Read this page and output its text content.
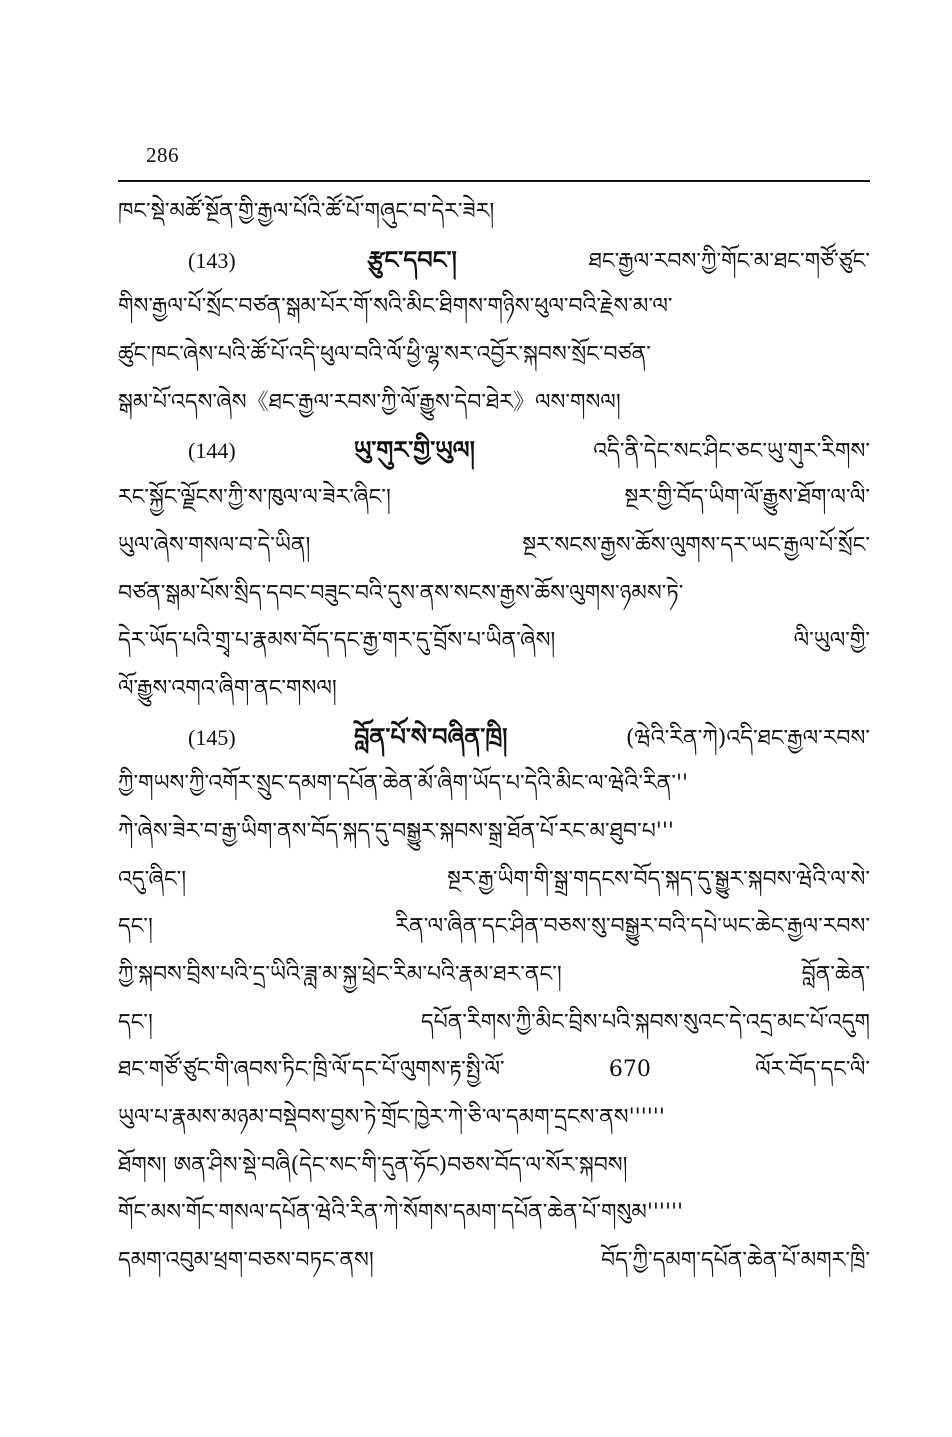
286
ཁང་སྡེ་མཚོ་སྔོན་གྱི་རྒྱལ་པོའི་ཚོ་པོ་གཞུང་བ་དེར་ཟེར།
(143)	རྩུང་དབང་། ཐང་རྒྱལ་རབས་ཀྱི་གོང་མ་ཐང་གཙོ་ཙུང་
གིས་རྒྱལ་པོ་སྲོང་བཙན་སྒམ་པོར་གོ་སའི་མིང་ཐིགས་གཉིས་ཕུལ་བའི་རྗེས་མ་ལ་
ཚུང་ཁང་ཞེས་པའི་ཚོ་པོ་འདི་ཕུལ་བའི་ལོ་ཕྱི་ལྷ་སར་འབྱོར་སྐབས་སྲོང་བཙན་
སྒམ་པོ་འདས་ཞེས《ཐང་རྒྱལ་རབས་ཀྱི་ལོ་རྒྱུས་དེབ་ཐེར》ལས་གསལ།
(144)	ཡུ་གུར་གྱི་ཡུལ། འདི་ནི་དེང་སང་ཤིང་ཅང་ཡུ་གུར་རིགས་
རང་སྐྱོང་ལྗོངས་ཀྱི་ས་ཁུལ་ལ་ཟེར་ཞིང་། སྔར་གྱི་བོད་ཡིག་ལོ་རྒྱུས་ཐོག་ལ་ལི་
ཡུལ་ཞེས་གསལ་བ་དེ་ཡིན། སྔར་སངས་རྒྱས་ཆོས་ལུགས་དར་ཡང་རྒྱལ་པོ་སྲོང་
བཙན་སྒམ་པོས་སྲིད་དབང་བཟུང་བའི་དུས་ནས་སངས་རྒྱས་ཆོས་ལུགས་ཉམས་ཏེ་
དེར་ཡོད་པའི་གྲྭ་པ་རྣམས་བོད་དང་རྒྱ་གར་དུ་བྲོས་པ་ཡིན་ཞེས། ལི་ཡུལ་གྱི་
ལོ་རྒྱུས་འགའ་ཞིག་ནང་གསལ།
(145)	བློན་པོ་སེ་བཞིན་ཁྲི། (ཝེའི་རིན་ཀེ)འདི་ཐང་རྒྱལ་རབས་
ཀྱི་གཡས་ཀྱི་འགོར་སྲུང་དམག་དཔོན་ཆེན་མོ་ཞིག་ཡོད་པ་དེའི་མིང་ལ་ཝེའི་རིན་''
ཀེ་ཞེས་ཟེར་བ་རྒྱ་ཡིག་ནས་བོད་སྐད་དུ་བསྒྱུར་སྐབས་སྒྲ་ཐོན་པོ་རང་མ་ཐུབ་པ'''
འདུ་ཞིང་། སྔར་རྒྱ་ཡིག་གི་སྒྲ་གདངས་བོད་སྐད་དུ་སྒྱུར་སྐབས་ཝེའི་ལ་སེ་
དང་། རིན་ལ་ཞིན་དང་ཤིན་བཅས་སུ་བསྒྱུར་བའི་དཔེ་ཡང་ཆེང་རྒྱལ་རབས་
ཀྱི་སྐབས་བྲིས་པའི་དྲ་ཡིའི་ཟླ་མ་སྐྱ་ཕྲེང་རིམ་པའི་རྣམ་ཐར་ནང་། བློན་ཆེན་
དང་། དཔོན་རིགས་ཀྱི་མིང་བྲིས་པའི་སྐབས་སུའང་དེ་འདྲ་མང་པོ་འདུག
ཐང་གཙོ་ཙུང་གི་ཞབས་ཏིང་ཁྲི་ལོ་དང་པོ་ལུགས་རྟ་སྤྱི་ལོ་ 670 ལོར་བོད་དང་ལི་
ཡུལ་པ་རྣམས་མཉམ་བསྡེབས་བྱས་ཏེ་གྲོང་ཁྱེར་ཀེ་ཅི་ལ་དམག་དྲངས་ནས''''''
ཐོགས། ཨན་ཤིས་སྡེ་བཞི(དེང་སང་གི་དུན་ཧོང)བཅས་བོད་ལ་སོར་སྐབས།
གོང་མས་གོང་གསལ་དཔོན་ཝེའི་རིན་ཀེ་སོགས་དམག་དཔོན་ཆེན་པོ་གསུམ''''''
དམག་འབུམ་ཕྲག་བཅས་བཏང་ནས། བོད་ཀྱི་དམག་དཔོན་ཆེན་པོ་མགར་ཁྲི་
